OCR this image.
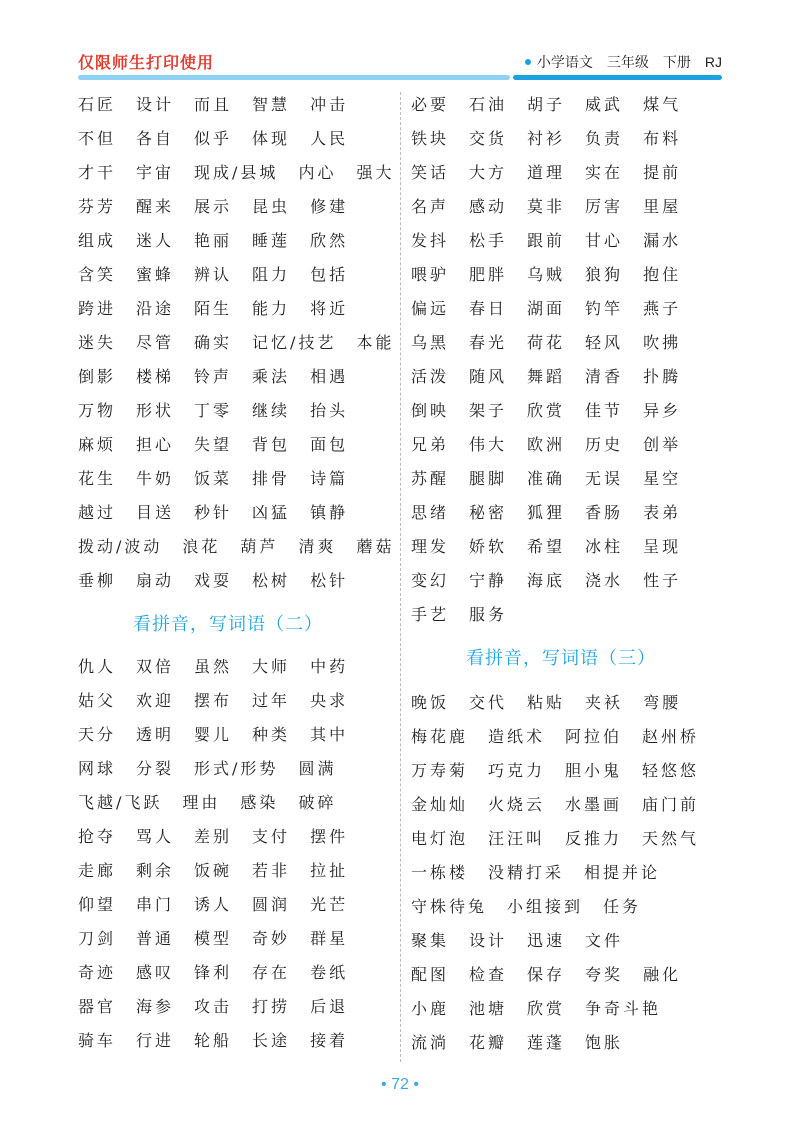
仅限师生打印使用	小学语文 三年级 下册 RJ
石匠 设计 而且 智慧 冲击
不但 各自 似乎 体现 人民
才干 宇宙 现成/县城 内心 强大
芬芳 醒来 展示 昆虫 修建
组成 迷人 艳丽 睡莲 欣然
含笑 蜜蜂 辨认 阻力 包括
跨进 沿途 陌生 能力 将近
迷失 尽管 确实 记忆/技艺 本能
倒影 楼梯 铃声 乘法 相遇
万物 形状 丁零 继续 抬头
麻烦 担心 失望 背包 面包
花生 牛奶 饭菜 排骨 诗篇
越过 目送 秒针 凶猛 镇静
拨动/波动 浪花 葫芦 清爽 蘑菇
垂柳 扇动 戏耍 松树 松针
看拼音，写词语（二）
仇人 双倍 虽然 大师 中药
姑父 欢迎 摆布 过年 央求
天分 透明 婴儿 种类 其中
网球 分裂 形式/形势 圆满
飞越/飞跃 理由 感染 破碎
抢夺 骂人 差别 支付 摆件
走廊 剩余 饭碗 若非 拉扯
仰望 串门 诱人 圆润 光芒
刀剑 普通 模型 奇妙 群星
奇迹 感叹 锋利 存在 卷纸
器官 海参 攻击 打捞 后退
骑车 行进 轮船 长途 接着
必要 石油 胡子 威武 煤气
铁块 交货 衬衫 负责 布料
笑话 大方 道理 实在 提前
名声 感动 莫非 厉害 里屋
发抖 松手 跟前 甘心 漏水
喂驴 肥胖 乌贼 狼狗 抱住
偏远 春日 湖面 钓竿 燕子
乌黑 春光 荷花 轻风 吹拂
活泼 随风 舞蹈 清香 扑腾
倒映 架子 欣赏 佳节 异乡
兄弟 伟大 欧洲 历史 创举
苏醒 腿脚 准确 无误 星空
思绪 秘密 狐狸 香肠 表弟
理发 娇软 希望 冰柱 呈现
变幻 宁静 海底 浇水 性子
手艺 服务
看拼音，写词语（三）
晚饭 交代 粘贴 夹袄 弯腰
梅花鹿 造纸术 阿拉伯 赵州桥
万寿菊 巧克力 胆小鬼 轻悠悠
金灿灿 火烧云 水墨画 庙门前
电灯泡 汪汪叫 反推力 天然气
一栋楼 没精打采 相提并论
守株待兔 小组接到 任务
聚集 设计 迅速 文件
配图 检查 保存 夸奖 融化
小鹿 池塘 欣赏 争奇斗艳
流淌 花瓣 莲蓬 饱胀
• 72 •
